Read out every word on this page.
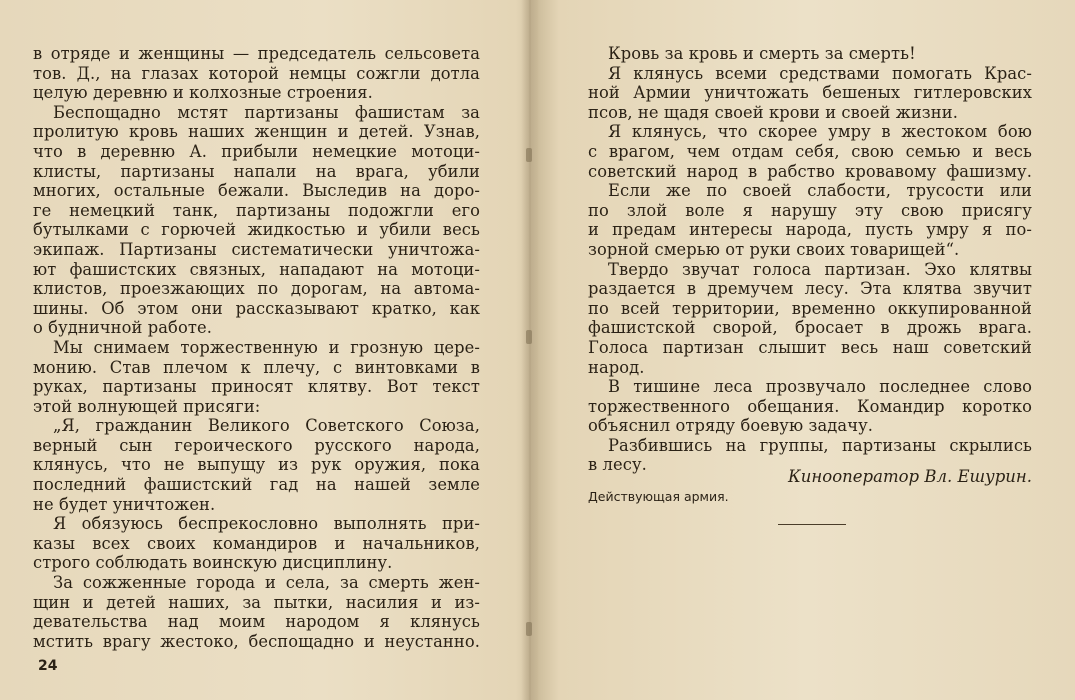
в отряде и женщины — председатель сельсовета
тов. Д., на глазах которой немцы сожгли дотла
целую деревню и колхозные строения.
Беспощадно мстят партизаны фашистам за
пролитую кровь наших женщин и детей. Узнав,
что в деревню А. прибыли немецкие мотоци-
клисты, партизаны напали на врага, убили
многих, остальные бежали. Выследив на доро-
ге немецкий танк, партизаны подожгли его
бутылками с горючей жидкостью и убили весь
экипаж. Партизаны систематически уничтожа-
ют фашистских связных, нападают на мотоци-
клистов, проезжающих по дорогам, на автома-
шины. Об этом они рассказывают кратко, как
о будничной работе.
Мы снимаем торжественную и грозную цере-
монию. Став плечом к плечу, с винтовками в
руках, партизаны приносят клятву. Вот текст
этой волнующей присяги:
„Я, гражданин Великого Советского Союза,
верный сын героического русского народа,
клянусь, что не выпущу из рук оружия, пока
последний фашистский гад на нашей земле
не будет уничтожен.
Я обязуюсь беспрекословно выполнять при-
казы всех своих командиров и начальников,
строго соблюдать воинскую дисциплину.
За сожженные города и села, за смерть жен-
щин и детей наших, за пытки, насилия и из-
девательства над моим народом я клянусь
мстить врагу жестоко, беспощадно и неустанно.
24
Кровь за кровь и смерть за смерть!
Я клянусь всеми средствами помогать Крас-
ной Армии уничтожать бешеных гитлеровских
псов, не щадя своей крови и своей жизни.
Я клянусь, что скорее умру в жестоком бою
с врагом, чем отдам себя, свою семью и весь
советский народ в рабство кровавому фашизму.
Если же по своей слабости, трусости или
по злой воле я нарушу эту свою присягу
и предам интересы народа, пусть умру я по-
зорной смерью от руки своих товарищей“.
Твердо звучат голоса партизан. Эхо клятвы
раздается в дремучем лесу. Эта клятва звучит
по всей территории, временно оккупированной
фашистской сворой, бросает в дрожь врага.
Голоса партизан слышит весь наш советский
народ.
В тишине леса прозвучало последнее слово
торжественного обещания. Командир коротко
объяснил отряду боевую задачу.
Разбившись на группы, партизаны скрылись
в лесу.
Кинооператор Вл. Ешурин.
Действующая армия.
